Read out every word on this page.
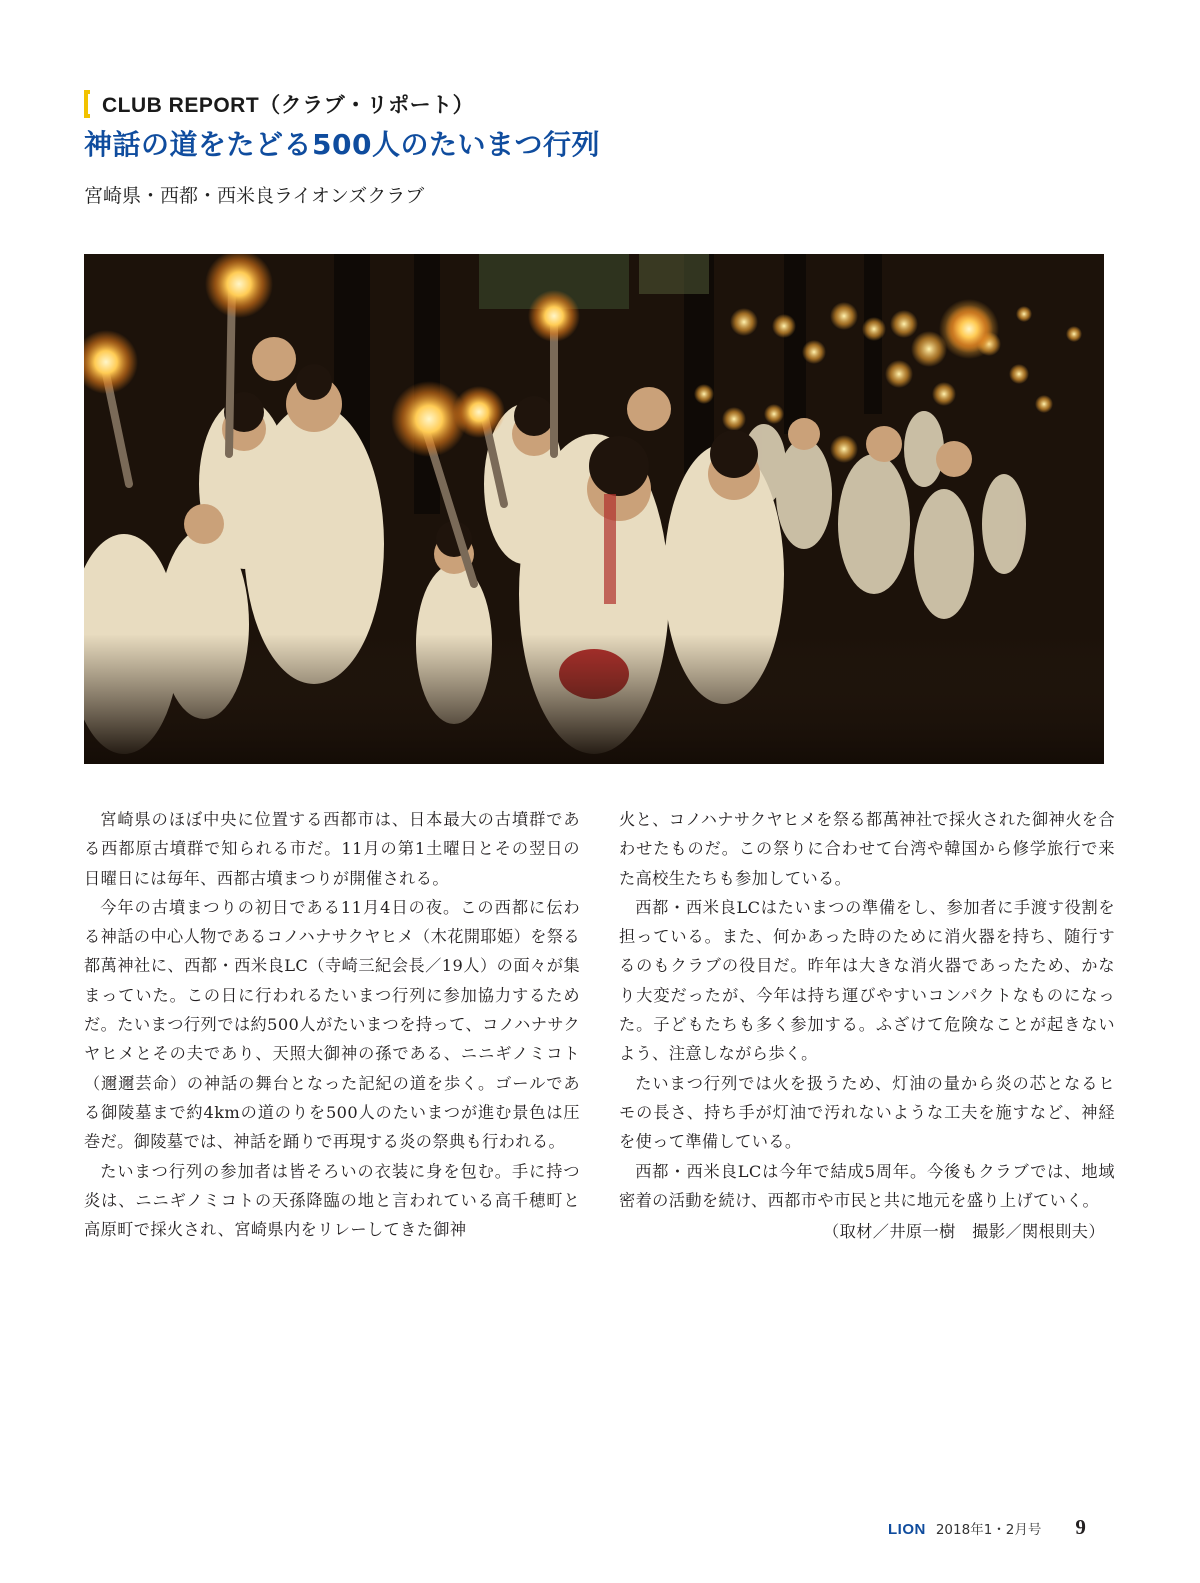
CLUB REPORT（クラブ・リポート）
神話の道をたどる500人のたいまつ行列

宮崎県・西都・西米良ライオンズクラブ

宮崎県のほぼ中央に位置する西都市は、日本最大の古墳群である西都原古墳群で知られる市だ。11月の第1土曜日とその翌日の日曜日には毎年、西都古墳まつりが開催される。

今年の古墳まつりの初日である11月4日の夜。この西都に伝わる神話の中心人物であるコノハナサクヤヒメ（木花開耶姫）を祭る都萬神社に、西都・西米良LC（寺崎三紀会長／19人）の面々が集まっていた。この日に行われるたいまつ行列に参加協力するためだ。たいまつ行列では約500人がたいまつを持って、コノハナサクヤヒメとその夫であり、天照大御神の孫である、ニニギノミコト（邇邇芸命）の神話の舞台となった記紀の道を歩く。ゴールである御陵墓まで約4kmの道のりを500人のたいまつが進む景色は圧巻だ。御陵墓では、神話を踊りで再現する炎の祭典も行われる。

たいまつ行列の参加者は皆そろいの衣装に身を包む。手に持つ炎は、ニニギノミコトの天孫降臨の地と言われている高千穂町と高原町で採火され、宮崎県内をリレーしてきた御神

火と、コノハナサクヤヒメを祭る都萬神社で採火された御神火を合わせたものだ。この祭りに合わせて台湾や韓国から修学旅行で来た高校生たちも参加している。

西都・西米良LCはたいまつの準備をし、参加者に手渡す役割を担っている。また、何かあった時のために消火器を持ち、随行するのもクラブの役目だ。昨年は大きな消火器であったため、かなり大変だったが、今年は持ち運びやすいコンパクトなものになった。子どもたちも多く参加する。ふざけて危険なことが起きないよう、注意しながら歩く。

たいまつ行列では火を扱うため、灯油の量から炎の芯となるヒモの長さ、持ち手が灯油で汚れないような工夫を施すなど、神経を使って準備している。

西都・西米良LCは今年で結成5周年。今後もクラブでは、地域密着の活動を続け、西都市や市民と共に地元を盛り上げていく。

（取材／井原一樹　撮影／関根則夫）

LION 2018年1・2月号 9
